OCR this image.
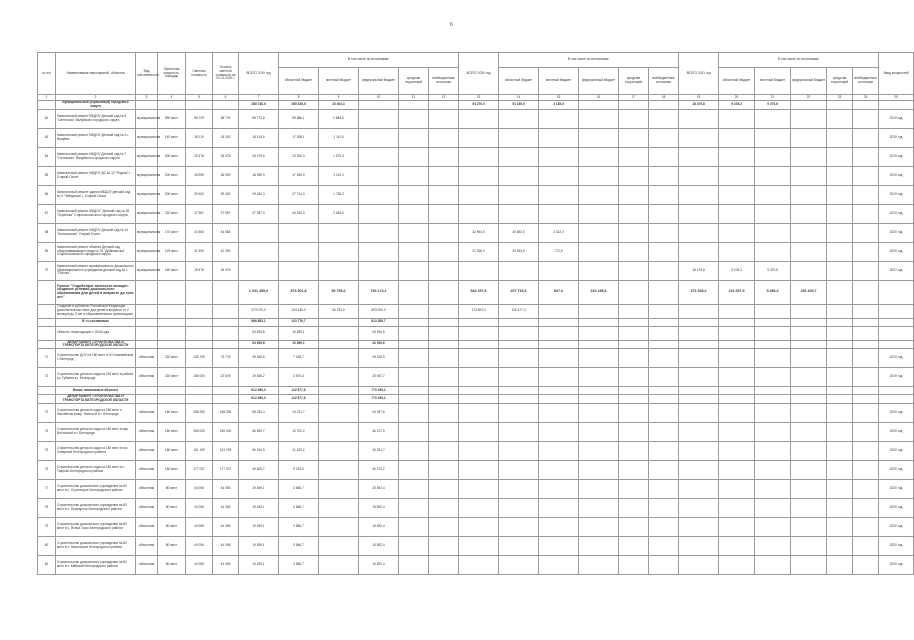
6
№ п/п	Наименование мероприятий, объектов	Вид собственности	Проектная мощность, площадь	Сметная стоимость	Остаток сметной стоимости на 01.01.2019 г.	ВСЕГО 2019 год	В том числе по источникам:					ВСЕГО 2020 год	В том числе по источникам:					ВСЕГО 2021 год	В том числе по источникам:					Ввод мощностей
							областной бюджет	местный бюджет	федеральный бюджет	средства территорий	внебюджетные источники		областной бюджет	местный бюджет	федеральный бюджет	средства территорий	внебюджетные источники		областной бюджет	местный бюджет	федеральный бюджет	средства территорий	внебюджетные источники	
1	2	3	4	5	6	7	8	9	10	11	12	13	14	15	16	17	18	19	20	21	22	23	24	25
	муниципальный (отраслевой) городского округа					288 748,0	265 345,5	23 403,3				54 270,0	51 185,5	3 135,5				18 475,8	9 105,2	9 370,6				
62	Капитальный ремонт МБДОУ Детский сад № 6 "Светлячок" Валуйского городского округа	муниципальная	550 мест	58 729	58 729	58 770,8	55 886,1	2 884,6																2019 год
63	Капитальный ремонт МБДОУ Детский сад № 4 г. Валуйки	муниципальная	140 мест	18 119	18 119	18 119,9	17 008,1	1 111,8																2019 год
64	Капитальный ремонт МБДОУ Детский сад № 7 "Солнышко" Валуйского городского округа	муниципальная	300 мест	25 478	25 478	25 479,6	23 900,3	1 579,3																2019 год
65	Капитальный ремонт МБДОУ ДС № 12 "Родник" г. Старый Оскол	муниципальная	200 мест	18 959	18 959	18 959,3	17 849,0	1 110,3																2019 год
66	Капитальный ремонт здания МБДОУ детский сад № 9 "Звёздочка" г. Старый Оскол	муниципальная	300 мест	29 452	29 452	29 452,3	27 714,0	1 738,3																2019 год
67	Капитальный ремонт МБДОУ "Детский сад № 35 "Зоренька" Старооскольского городского округа	муниципальная	220 мест	37 987	37 987	37 987,0	34 933,0	3 054,0																2019 год
68	Капитальный ремонт МБДОУ Детский сад № 14 "Колокольчик" Старый Оскол	муниципальная	170 мест	44 584	44 584							32 964,0	30 652,0	2 312,0										2020 год
69	Капитальный ремонт объекта Детский сад общеразвивающего вида № 19 "Дюймовочка" Старооскольского городского округа	муниципальная	125 мест	42 390	42 390							21 306,0	20 533,5	772,5										2020 год
70	Капитальный ремонт муниципального дошкольного образовательного учреждения детский сад № 1 "Пчёлка"	муниципальная	160 мест	18 476	18 476													18 475,8	9 105,2	9 370,6				2021 год
	Проект "Содействие занятости женщин - создание условий дошкольного образования для детей в возрасте до трех лет"					1 031 499,0	874 901,8	56 753,0	790 174,1			542 257,9	207 715,5	847,0	316 198,8			272 208,2	122 057,9	5 496,4	230 209,7			
	Создание в субъектах Российской Федерации дополнительных мест для детей в возрасте от 2 месяцев до 3 лет в образовательных организациях					373 070,0	104 436,0	56 753,0	693 000,0			173 803,0	125 477,0											
	В т.ч.госзаказчик					866 883,1	123 776,7		813 289,7															
	объекты, переходящие с 2018 года					54 693,8	10 899,1		43 094,6															
	ДЕПАРТАМЕНТ СТРОИТЕЛЬСТВА И ТРАНСПОРТА БЕЛГОРОДСКОЙ ОБЛАСТИ					54 693,8	10 899,1		43 094,6															
71	Строительство ДОУ на 180 мест в IV-Олимпийском г. Белгород	областная	220 мест	135 759	73 776	35 055,6	7 028,7		28 026,9															2019 год
72	Строительство детского сада на 220 мест в районе ул. Губкина в г. Белгороде	областная	220 мест	108 000	22 878	19 638,2	3 870,4		15 067,7															2019 год
	Вновь начинаемые объекты					812 489,3	112 877,6		770 195,1															
	ДЕПАРТАМЕНТ СТРОИТЕЛЬСТВА И ТРАНСПОРТА БЕЛГОРОДСКОЙ ОБЛАСТИ					812 489,3	112 877,6		770 195,1															
73	Строительство детского сада на 180 мест с бассейном в мкр. Улитка-Ф в г. Белгороде	областная	180 мест	168 250	168 250	58 333,4	14 221,7		44 097,6															2020 год
74	Строительство детского сада на 180 мест в мкр. Восточный в г. Белгороде	областная	180 мест	165 000	165 000	56 839,7	10 702,2		46 137,5															2020 год
75	Строительство детского сада на 180 мест в пос. Северный Белгородского района	областная	180 мест	161 199	161 199	56 434,9	11 183,2		45 251,7															2020 год
76	Строительство детского сада на 180 мест в с. Таврово Белгородского района	областная	180 мест	177 037	177 037	45 605,7	9 232,5		36 373,2															2020 год
77	Строительство дошкольного учреждения на 80 мест в с. Стрелецкое Белгородского района	областная	80 мест	44 056	44 056	19 459,1	3 866,7		15 592,4															2020 год
78	Строительство дошкольного учреждения на 80 мест в с. Пушкарное Белгородского района	областная	80 мест	44 056	44 056	19 459,1	3 866,7		15 592,4															2020 год
79	Строительство дошкольного учреждения на 80 мест в с. Ясные Зори Белгородского района	областная	80 мест	44 056	44 056	19 459,1	3 866,7		15 592,4															2020 год
80	Строительство дошкольного учреждения на 80 мест в с. Никольское Белгородского района	областная	80 мест	44 056	44 056	19 459,1	3 866,7		15 592,4															2020 год
81	Строительство дошкольного учреждения на 80 мест в с. Майский Белгородского района	областная	80 мест	44 056	44 056	19 459,1	3 866,7		15 592,4															2020 год
